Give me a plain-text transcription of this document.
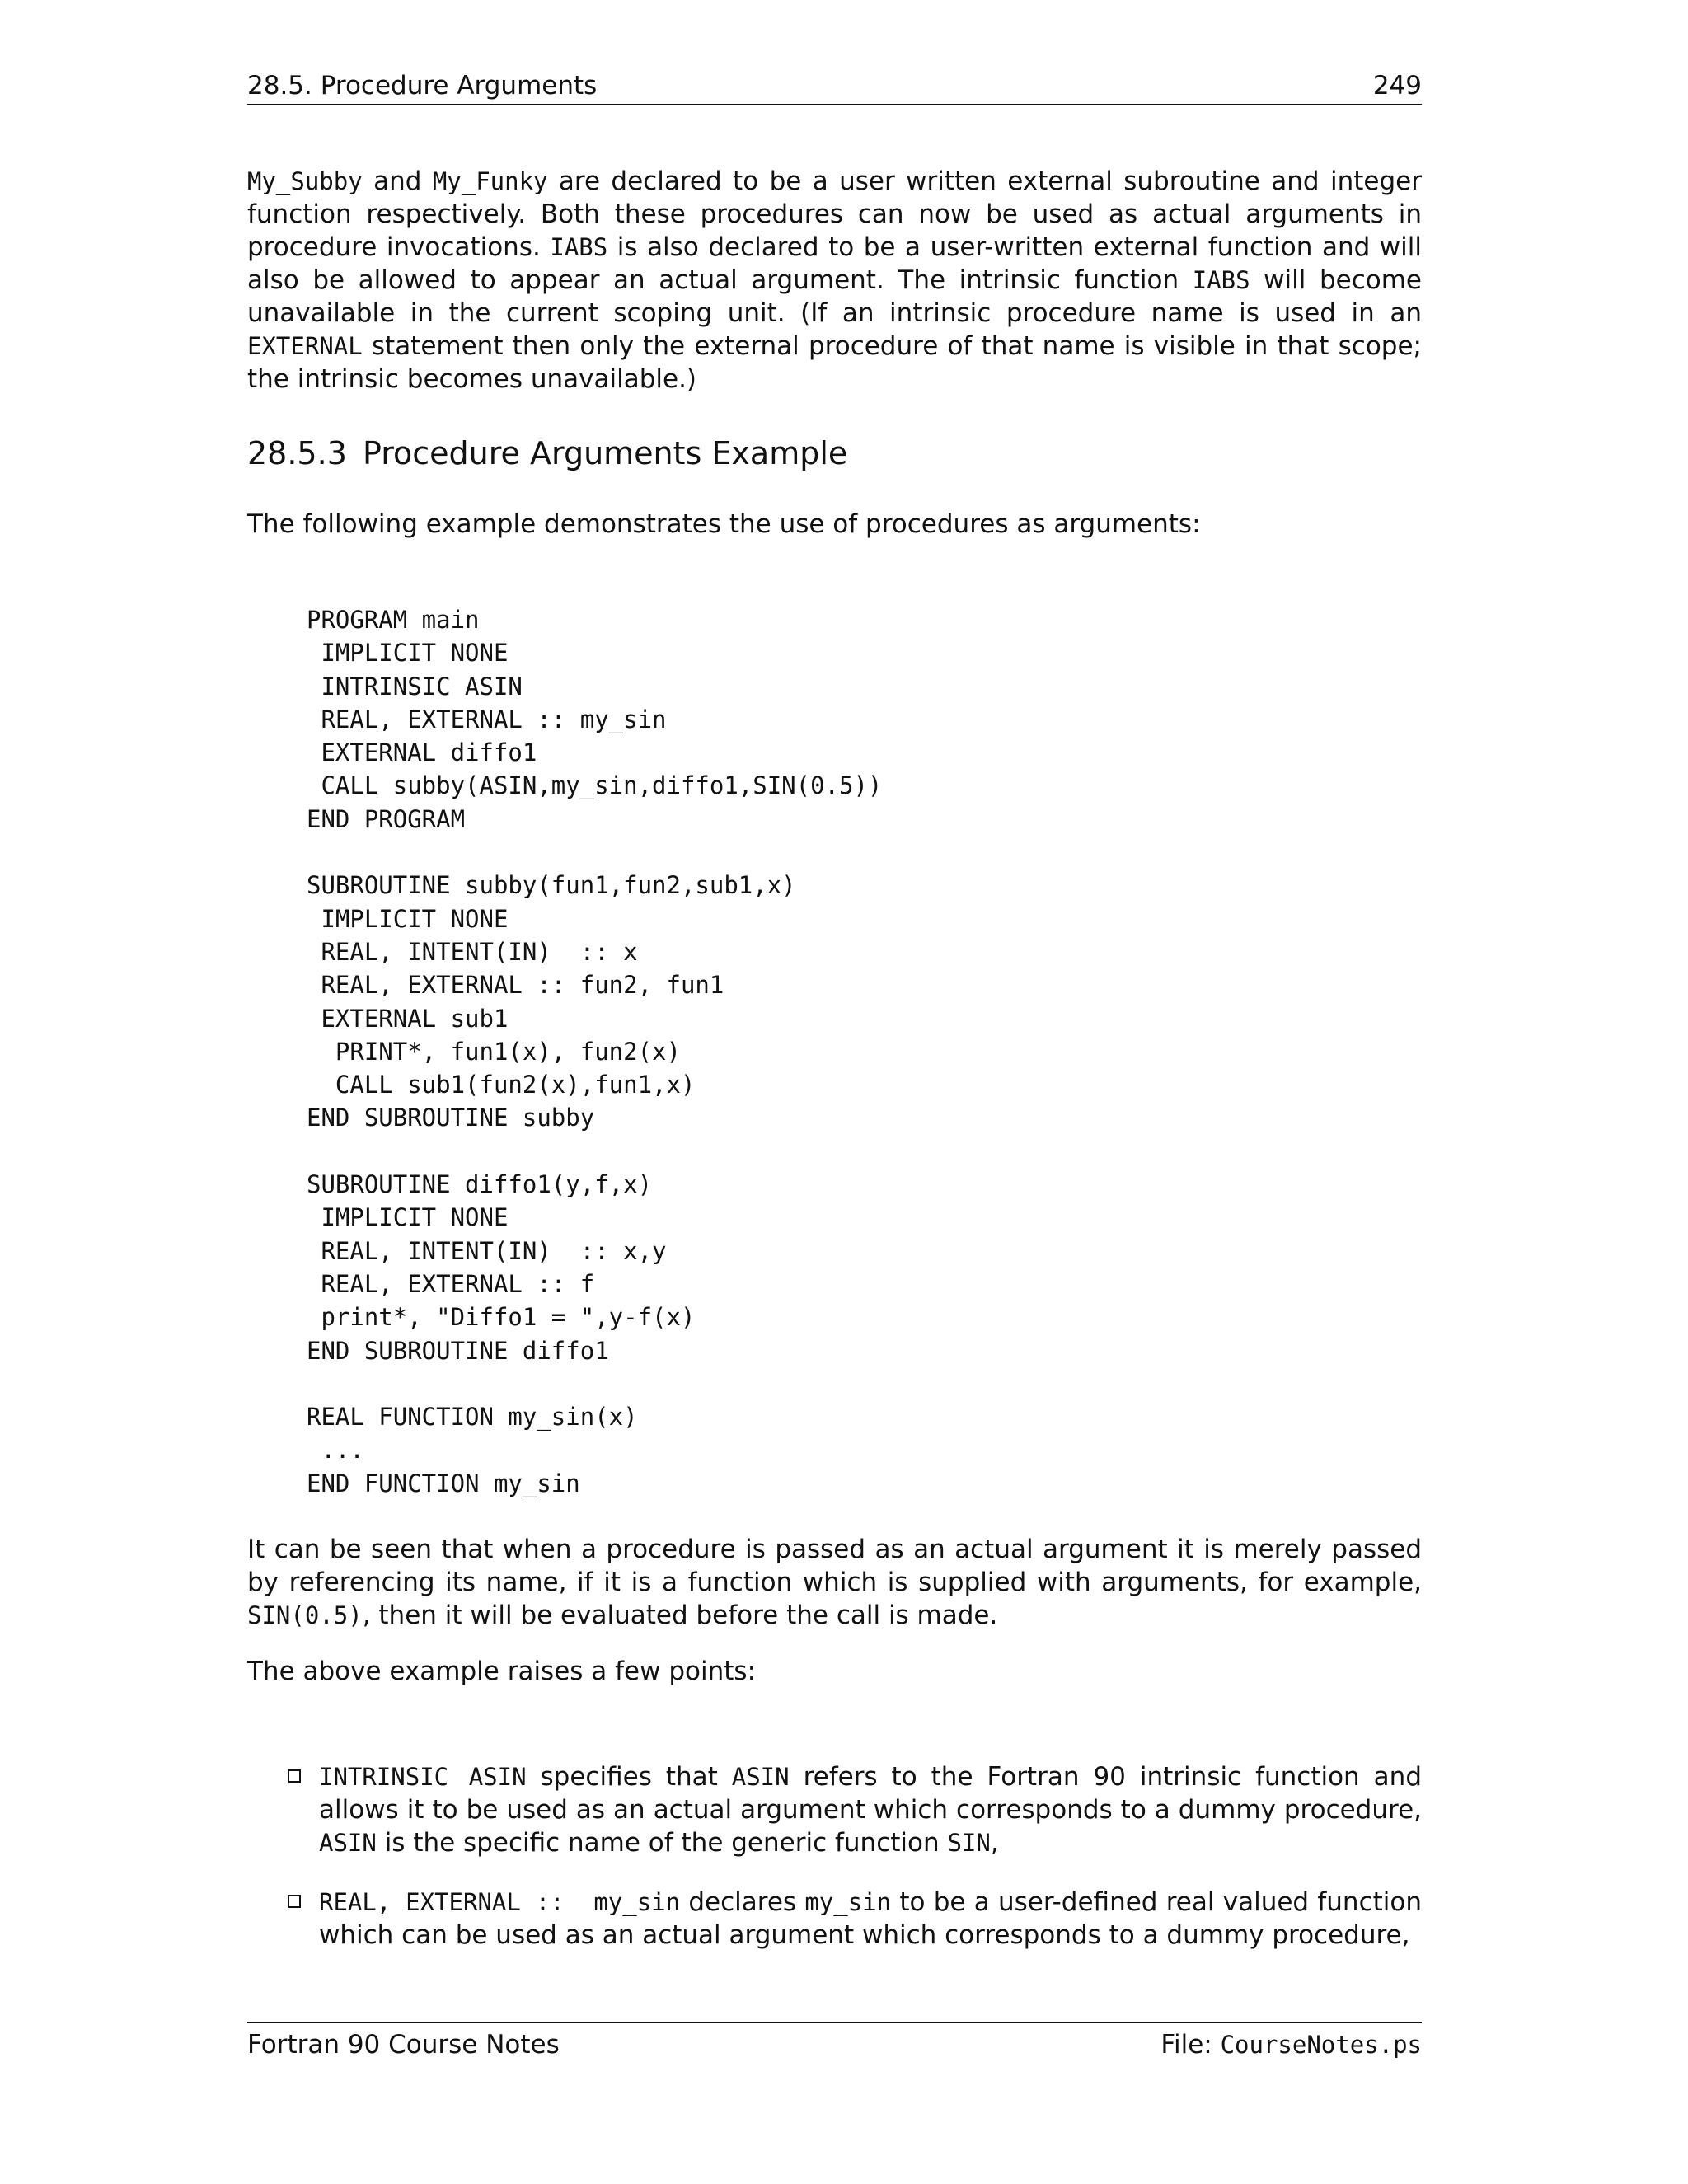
28.5. Procedure Arguments	249

My_Subby and My_Funky are declared to be a user written external subroutine and integer function respectively. Both these procedures can now be used as actual arguments in procedure invocations. IABS is also declared to be a user-written external function and will also be allowed to appear an actual argument. The intrinsic function IABS will become unavailable in the current scoping unit. (If an intrinsic procedure name is used in an EXTERNAL statement then only the external procedure of that name is visible in that scope; the intrinsic becomes unavailable.)

28.5.3 Procedure Arguments Example

The following example demonstrates the use of procedures as arguments:

PROGRAM main
IMPLICIT NONE
INTRINSIC ASIN
REAL, EXTERNAL :: my_sin
EXTERNAL diffo1
CALL subby(ASIN,my_sin,diffo1,SIN(0.5))
END PROGRAM

SUBROUTINE subby(fun1,fun2,sub1,x)
IMPLICIT NONE
REAL, INTENT(IN)  :: x
REAL, EXTERNAL :: fun2, fun1
EXTERNAL sub1
PRINT*, fun1(x), fun2(x)
CALL sub1(fun2(x),fun1,x)
END SUBROUTINE subby

SUBROUTINE diffo1(y,f,x)
IMPLICIT NONE
REAL, INTENT(IN)  :: x,y
REAL, EXTERNAL :: f
print*, "Diffo1 = ",y-f(x)
END SUBROUTINE diffo1

REAL FUNCTION my_sin(x)
...
END FUNCTION my_sin

It can be seen that when a procedure is passed as an actual argument it is merely passed by referencing its name, if it is a function which is supplied with arguments, for example, SIN(0.5), then it will be evaluated before the call is made.

The above example raises a few points:

INTRINSIC ASIN specifies that ASIN refers to the Fortran 90 intrinsic function and allows it to be used as an actual argument which corresponds to a dummy procedure, ASIN is the specific name of the generic function SIN,
REAL, EXTERNAL ::  my_sin declares my_sin to be a user-defined real valued function which can be used as an actual argument which corresponds to a dummy procedure,
Fortran 90 Course Notes	File: CourseNotes.ps
